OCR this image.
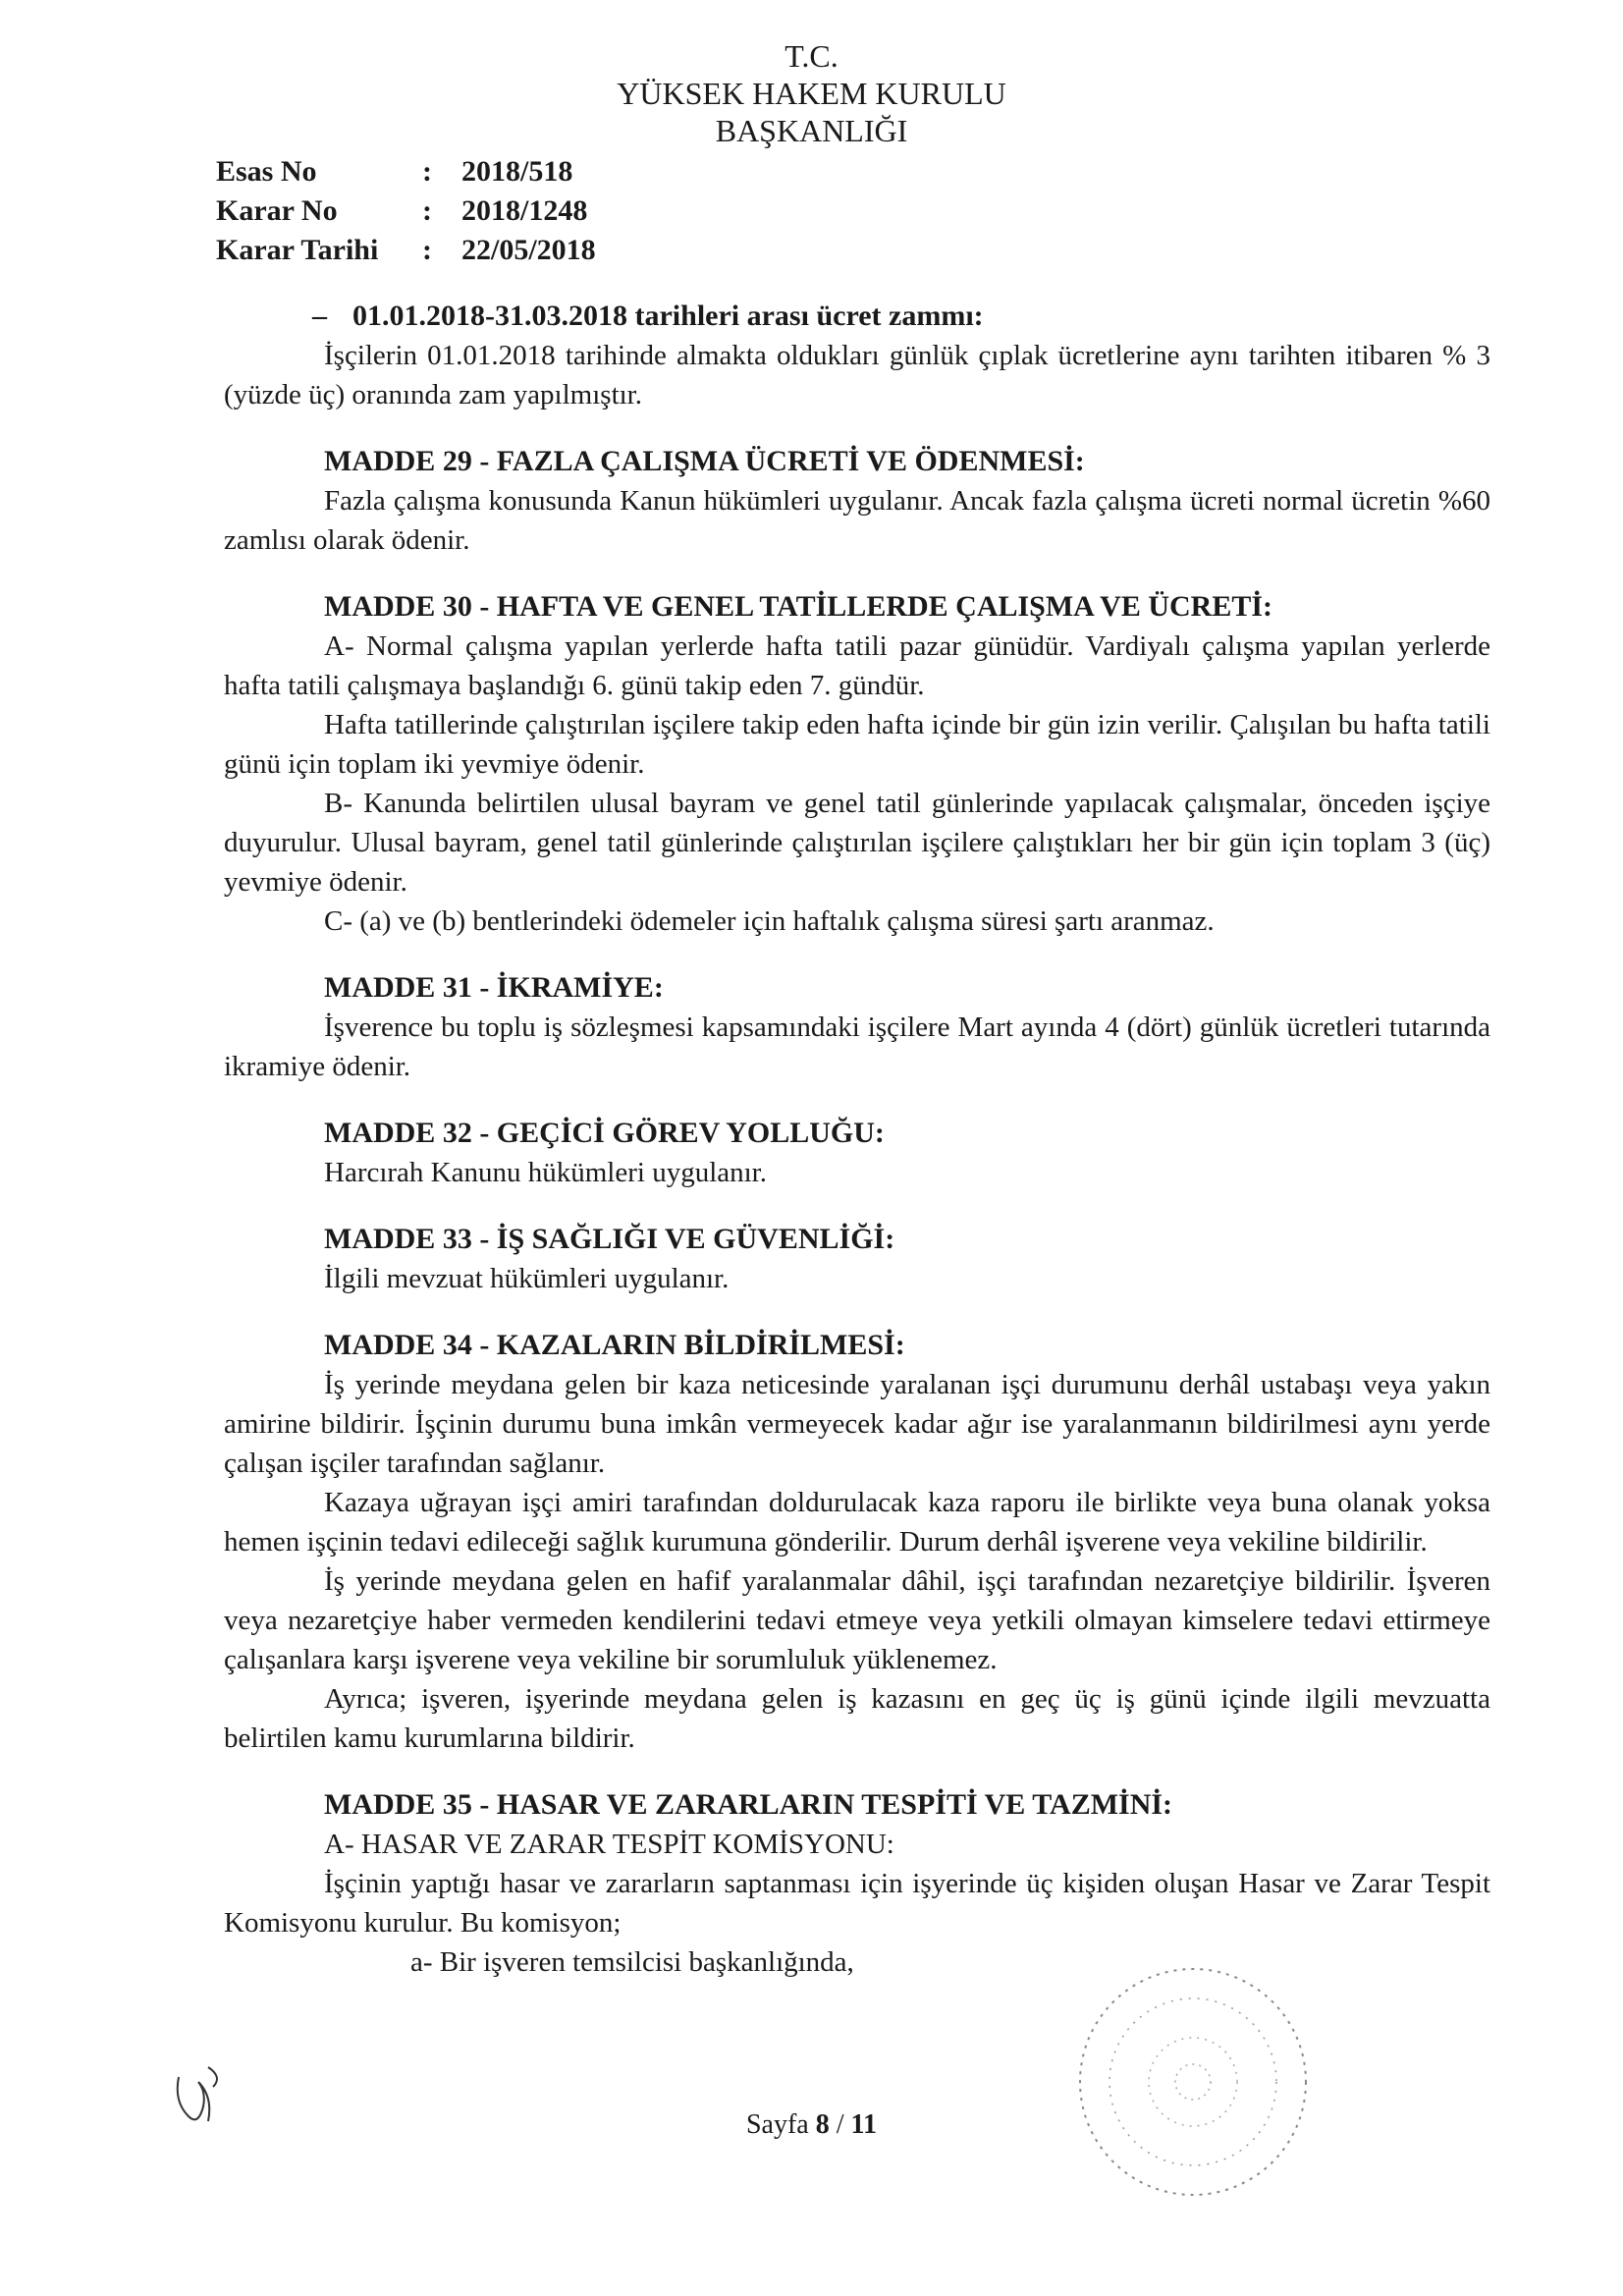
T.C.
YÜKSEK HAKEM KURULU
BAŞKANLIĞI
Esas No	:	2018/518
Karar No	:	2018/1248
Karar Tarihi	:	22/05/2018
– 01.01.2018-31.03.2018 tarihleri arası ücret zammı:
İşçilerin 01.01.2018 tarihinde almakta oldukları günlük çıplak ücretlerine aynı tarihten itibaren % 3 (yüzde üç) oranında zam yapılmıştır.
MADDE 29 - FAZLA ÇALIŞMA ÜCRETİ VE ÖDENMESİ:
Fazla çalışma konusunda Kanun hükümleri uygulanır. Ancak fazla çalışma ücreti normal ücretin %60 zamlısı olarak ödenir.
MADDE 30 - HAFTA VE GENEL TATİLLERDE ÇALIŞMA VE ÜCRETİ:
A- Normal çalışma yapılan yerlerde hafta tatili pazar günüdür. Vardiyalı çalışma yapılan yerlerde hafta tatili çalışmaya başlandığı 6. günü takip eden 7. gündür.
Hafta tatillerinde çalıştırılan işçilere takip eden hafta içinde bir gün izin verilir. Çalışılan bu hafta tatili günü için toplam iki yevmiye ödenir.
B- Kanunda belirtilen ulusal bayram ve genel tatil günlerinde yapılacak çalışmalar, önceden işçiye duyurulur. Ulusal bayram, genel tatil günlerinde çalıştırılan işçilere çalıştıkları her bir gün için toplam 3 (üç) yevmiye ödenir.
C- (a) ve (b) bentlerindeki ödemeler için haftalık çalışma süresi şartı aranmaz.
MADDE 31 - İKRAMİYE:
İşverence bu toplu iş sözleşmesi kapsamındaki işçilere Mart ayında 4 (dört) günlük ücretleri tutarında ikramiye ödenir.
MADDE 32 - GEÇİCİ GÖREV YOLLUĞU:
Harcırah Kanunu hükümleri uygulanır.
MADDE 33 - İŞ SAĞLIĞI VE GÜVENLİĞİ:
İlgili mevzuat hükümleri uygulanır.
MADDE 34 - KAZALARIN BİLDİRİLMESİ:
İş yerinde meydana gelen bir kaza neticesinde yaralanan işçi durumunu derhâl ustabaşı veya yakın amirine bildirir. İşçinin durumu buna imkân vermeyecek kadar ağır ise yaralanmanın bildirilmesi aynı yerde çalışan işçiler tarafından sağlanır.
Kazaya uğrayan işçi amiri tarafından doldurulacak kaza raporu ile birlikte veya buna olanak yoksa hemen işçinin tedavi edileceği sağlık kurumuna gönderilir. Durum derhâl işverene veya vekiline bildirilir.
İş yerinde meydana gelen en hafif yaralanmalar dâhil, işçi tarafından nezaretçiye bildirilir. İşveren veya nezaretçiye haber vermeden kendilerini tedavi etmeye veya yetkili olmayan kimselere tedavi ettirmeye çalışanlara karşı işverene veya vekiline bir sorumluluk yüklenemez.
Ayrıca; işveren, işyerinde meydana gelen iş kazasını en geç üç iş günü içinde ilgili mevzuatta belirtilen kamu kurumlarına bildirir.
MADDE 35 - HASAR VE ZARARLARIN TESPİTİ VE TAZMİNİ:
A- HASAR VE ZARAR TESPİT KOMİSYONU:
İşçinin yaptığı hasar ve zararların saptanması için işyerinde üç kişiden oluşan Hasar ve Zarar Tespit Komisyonu kurulur. Bu komisyon;
a- Bir işveren temsilcisi başkanlığında,
Sayfa 8 / 11
